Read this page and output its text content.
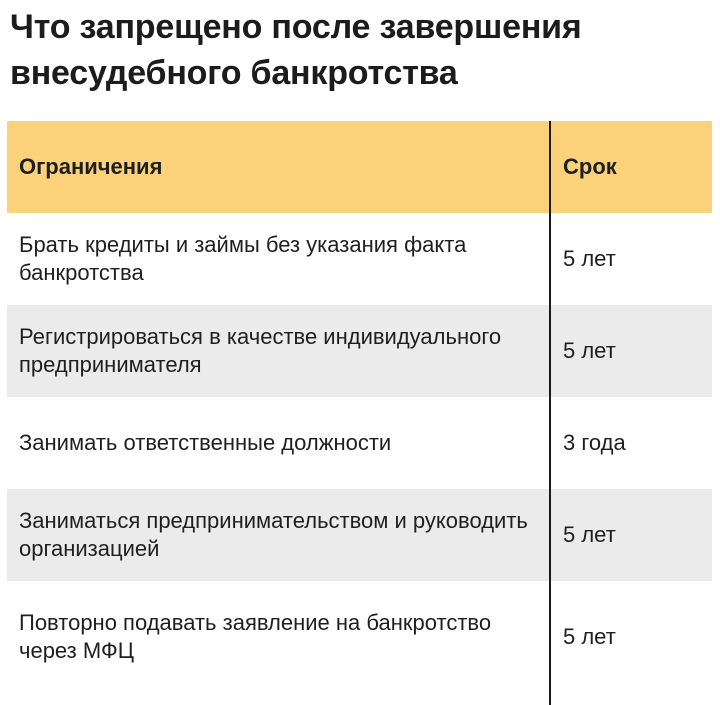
Что запрещено после завершения внесудебного банкротства
Ограничения	Срок
Брать кредиты и займы без указания факта банкротства
5 лет
Регистрироваться в качестве индивидуального предпринимателя
5 лет
Занимать ответственные должности	3 года
Заниматься предпринимательством и руководить организацией
5 лет
Повторно подавать заявление на банкротство через МФЦ
5 лет
